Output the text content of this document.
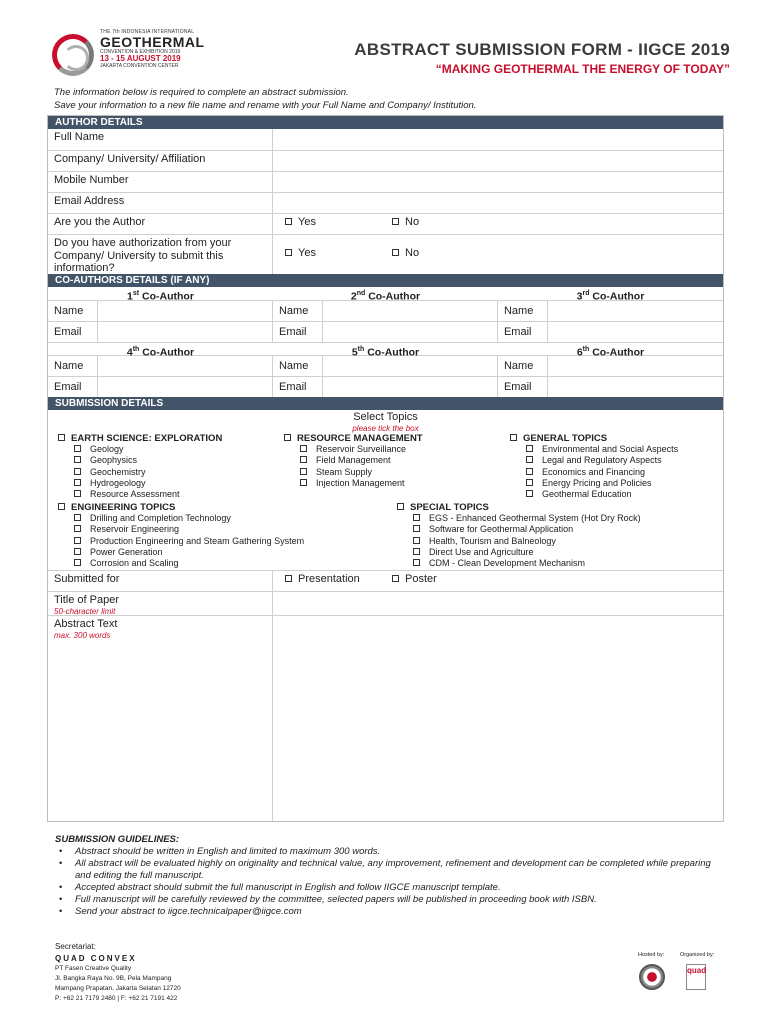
THE 7th INDONESIA INTERNATIONAL
GEOTHERMAL
CONVENTION & EXHIBITION 2019
13 - 15 AUGUST 2019
JAKARTA CONVENTION CENTER
ABSTRACT SUBMISSION FORM - IIGCE 2019
“MAKING GEOTHERMAL THE ENERGY OF TODAY”
The information below is required to complete an abstract submission.
Save your information to a new file name and rename with your Full Name and Company/ Institution.
AUTHOR DETAILS
Full Name
Company/ University/ Affiliation
Mobile Number
Email Address
Are you the Author	Yes	No
Do you have authorization from your Company/ University to submit this information?
Yes	No
CO-AUTHORS DETAILS (IF ANY)
1st Co-Author	2nd Co-Author	3rd Co-Author
Name	Name	Name
Email	Email	Email
4th Co-Author	5th Co-Author	6th Co-Author
Name	Name	Name
Email	Email	Email
SUBMISSION DETAILS
Select Topics
please tick the box
EARTH SCIENCE: EXPLORATION
Geology
Geophysics
Geochemistry
Hydrogeology
Resource Assessment
RESOURCE MANAGEMENT
Reservoir Surveillance
Field Management
Steam Supply
Injection Management
GENERAL TOPICS
Environmental and Social Aspects
Legal and Regulatory Aspects
Economics and Financing
Energy Pricing and Policies
Geothermal Education
ENGINEERING TOPICS
Drilling and Completion Technology
Reservoir Engineering
Production Engineering and Steam Gathering System
Power Generation
Corrosion and Scaling
SPECIAL TOPICS
EGS - Enhanced Geothermal System (Hot Dry Rock)
Software for Geothermal Application
Health, Tourism and Balneology
Direct Use and Agriculture
CDM - Clean Development Mechanism
Submitted for	Presentation	Poster
Title of Paper
50-character limit
Abstract Text
max. 300 words
SUBMISSION GUIDELINES:
• Abstract should be written in English and limited to maximum 300 words.
• All abstract will be evaluated highly on originality and technical value, any improvement, refinement and development can be completed while preparing and editing the full manuscript.
• Accepted abstract should submit the full manuscript in English and follow IIGCE manuscript template.
• Full manuscript will be carefully reviewed by the committee, selected papers will be published in proceeding book with ISBN.
• Send your abstract to iigce.technicalpaper@iigce.com
Secretariat:
QUAD CONVEX
PT Fasen Creative Quality
Jl. Bangka Raya No. 9B, Pela Mampang
Mampang Prapatan, Jakarta Selatan 12720
P: +62 21 7179 2480 | F: +62 21 7191 422
Hosted by:	Organized by:
quad
